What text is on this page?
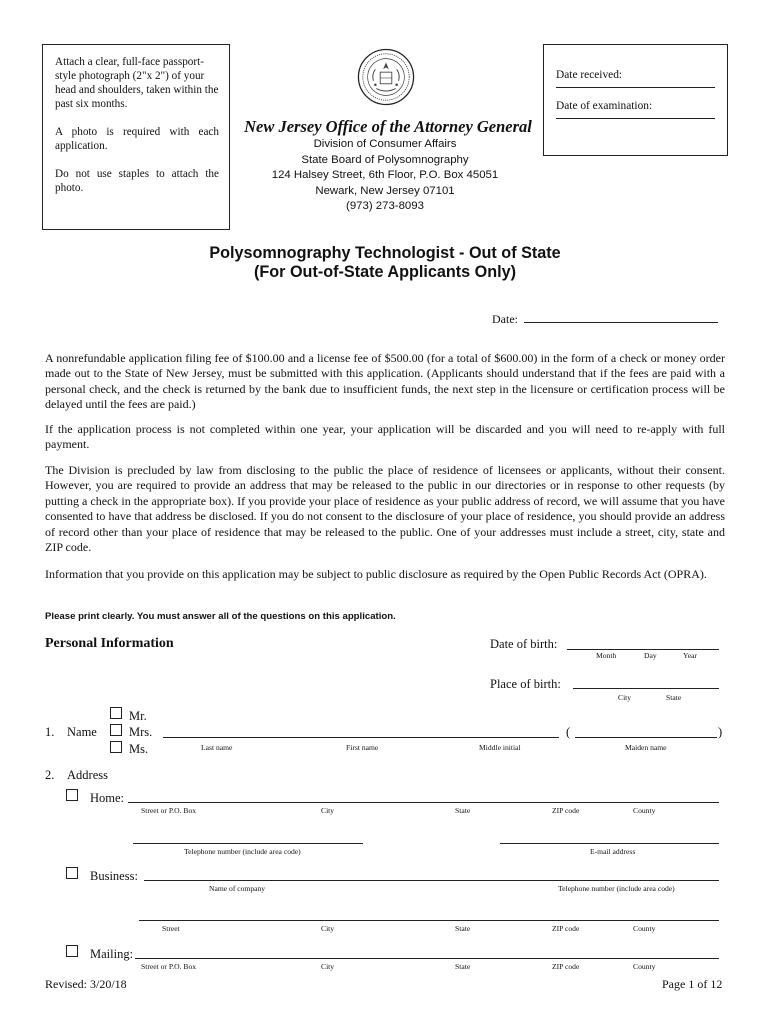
Attach a clear, full-face passport-style photograph (2"x 2") of your head and shoulders, taken within the past six months.

A photo is required with each application.

Do not use staples to attach the photo.

New Jersey Office of the Attorney General
Division of Consumer Affairs
State Board of Polysomnography
124 Halsey Street, 6th Floor, P.O. Box 45051
Newark, New Jersey 07101
(973) 273-8093
Date received:
Date of examination:
Polysomnography Technologist - Out of State
(For Out-of-State Applicants Only)
Date:
A nonrefundable application filing fee of $100.00 and a license fee of $500.00 (for a total of $600.00) in the form of a check or money order made out to the State of New Jersey, must be submitted with this application. (Applicants should understand that if the fees are paid with a personal check, and the check is returned by the bank due to insufficient funds, the next step in the licensure or certification process will be delayed until the fees are paid.)
If the application process is not completed within one year, your application will be discarded and you will need to re-apply with full payment.
The Division is precluded by law from disclosing to the public the place of residence of licensees or applicants, without their consent. However, you are required to provide an address that may be released to the public in our directories or in response to other requests (by putting a check in the appropriate box). If you provide your place of residence as your public address of record, we will assume that you have consented to have that address be disclosed. If you do not consent to the disclosure of your place of residence, you should provide an address of record other than your place of residence that may be released to the public. One of your addresses must include a street, city, state and ZIP code.
Information that you provide on this application may be subject to public disclosure as required by the Open Public Records Act (OPRA).
Please print clearly. You must answer all of the questions on this application.
Personal Information	Date of birth:
Month	Day	Year
Place of birth:
City	State
Mr.
Mrs.
Ms.
1. Name	(	)
Last name	First name	Middle initial	Maiden name
2. Address
Home:
Street or P.O. Box	City	State	ZIP code	County
Telephone number (include area code)	E-mail address
Business:
Name of company	Telephone number (include area code)
Street	City	State	ZIP code	County
Mailing:
Street or P.O. Box	City	State	ZIP code	County
Revised: 3/20/18	Page 1 of 12
